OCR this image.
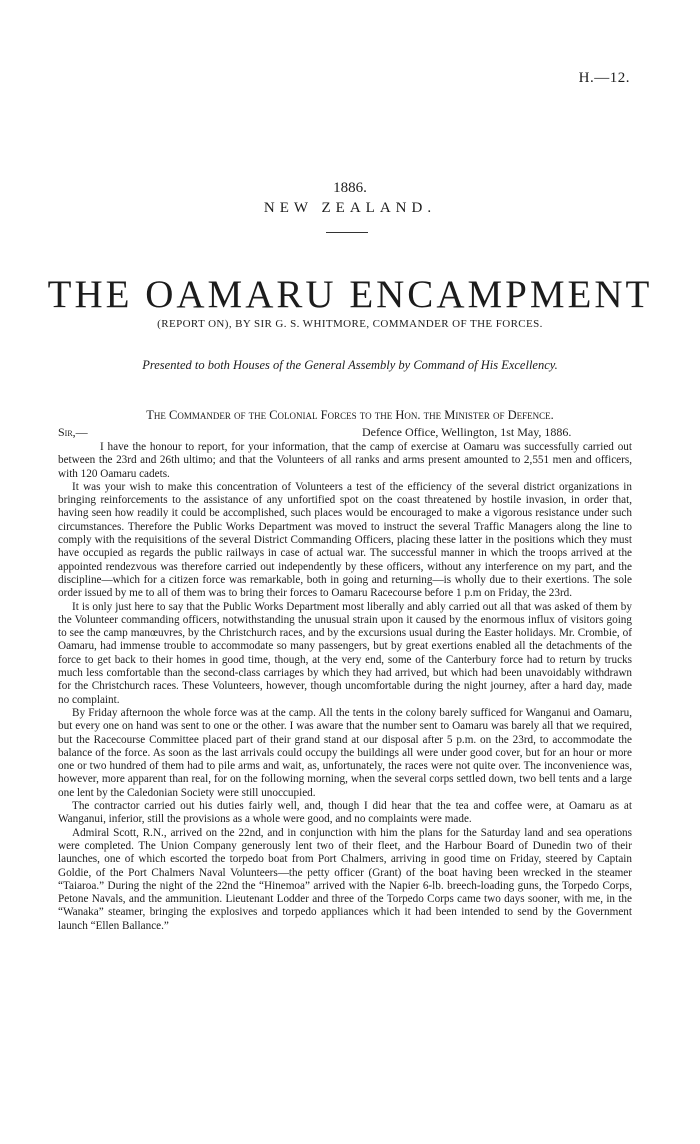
H.—12.
1886.
NEW ZEALAND.
THE OAMARU ENCAMPMENT
(REPORT ON), BY SIR G. S. WHITMORE, COMMANDER OF THE FORCES.
Presented to both Houses of the General Assembly by Command of His Excellency.
The Commander of the Colonial Forces to the Hon. the Minister of Defence.
Sir,—	Defence Office, Wellington, 1st May, 1886.

I have the honour to report, for your information, that the camp of exercise at Oamaru was successfully carried out between the 23rd and 26th ultimo; and that the Volunteers of all ranks and arms present amounted to 2,551 men and officers, with 120 Oamaru cadets.

It was your wish to make this concentration of Volunteers a test of the efficiency of the several district organizations in bringing reinforcements to the assistance of any unfortified spot on the coast threatened by hostile invasion, in order that, having seen how readily it could be accomplished, such places would be encouraged to make a vigorous resistance under such circumstances. Therefore the Public Works Department was moved to instruct the several Traffic Managers along the line to comply with the requisitions of the several District Commanding Officers, placing these latter in the positions which they must have occupied as regards the public railways in case of actual war. The successful manner in which the troops arrived at the appointed rendezvous was therefore carried out independently by these officers, without any interference on my part, and the discipline—which for a citizen force was remarkable, both in going and returning—is wholly due to their exertions. The sole order issued by me to all of them was to bring their forces to Oamaru Racecourse before 1 p.m on Friday, the 23rd.

It is only just here to say that the Public Works Department most liberally and ably carried out all that was asked of them by the Volunteer commanding officers, notwithstanding the unusual strain upon it caused by the enormous influx of visitors going to see the camp manœuvres, by the Christchurch races, and by the excursions usual during the Easter holidays. Mr. Crombie, of Oamaru, had immense trouble to accommodate so many passengers, but by great exertions enabled all the detachments of the force to get back to their homes in good time, though, at the very end, some of the Canterbury force had to return by trucks much less comfortable than the second-class carriages by which they had arrived, but which had been unavoidably withdrawn for the Christchurch races. These Volunteers, however, though uncomfortable during the night journey, after a hard day, made no complaint.

By Friday afternoon the whole force was at the camp. All the tents in the colony barely sufficed for Wanganui and Oamaru, but every one on hand was sent to one or the other. I was aware that the number sent to Oamaru was barely all that we required, but the Racecourse Committee placed part of their grand stand at our disposal after 5 p.m. on the 23rd, to accommodate the balance of the force. As soon as the last arrivals could occupy the buildings all were under good cover, but for an hour or more one or two hundred of them had to pile arms and wait, as, unfortunately, the races were not quite over. The inconvenience was, however, more apparent than real, for on the following morning, when the several corps settled down, two bell tents and a large one lent by the Caledonian Society were still unoccupied.

The contractor carried out his duties fairly well, and, though I did hear that the tea and coffee were, at Oamaru as at Wanganui, inferior, still the provisions as a whole were good, and no complaints were made.

Admiral Scott, R.N., arrived on the 22nd, and in conjunction with him the plans for the Saturday land and sea operations were completed. The Union Company generously lent two of their fleet, and the Harbour Board of Dunedin two of their launches, one of which escorted the torpedo boat from Port Chalmers, arriving in good time on Friday, steered by Captain Goldie, of the Port Chalmers Naval Volunteers—the petty officer (Grant) of the boat having been wrecked in the steamer “Taiaroa.” During the night of the 22nd the “Hinemoa” arrived with the Napier 6-lb. breech-loading guns, the Torpedo Corps, Petone Navals, and the ammunition. Lieutenant Lodder and three of the Torpedo Corps came two days sooner, with me, in the “Wanaka” steamer, bringing the explosives and torpedo appliances which it had been intended to send by the Government launch “Ellen Ballance.”
